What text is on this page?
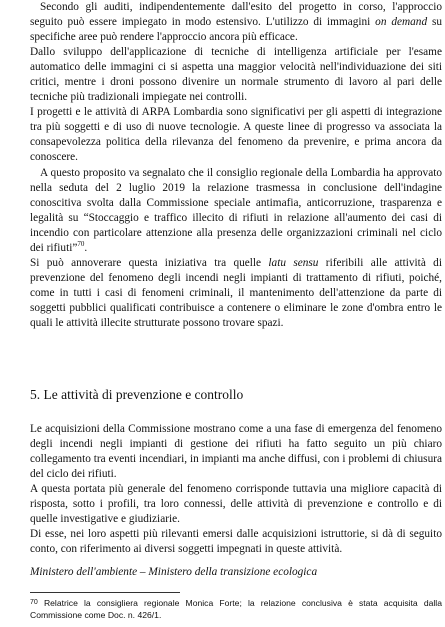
Secondo gli auditi, indipendentemente dall'esito del progetto in corso, l'approccio seguito può essere impiegato in modo estensivo. L'utilizzo di immagini on demand su specifiche aree può rendere l'approccio ancora più efficace.

Dallo sviluppo dell'applicazione di tecniche di intelligenza artificiale per l'esame automatico delle immagini ci si aspetta una maggior velocità nell'individuazione dei siti critici, mentre i droni possono divenire un normale strumento di lavoro al pari delle tecniche più tradizionali impiegate nei controlli.

I progetti e le attività di ARPA Lombardia sono significativi per gli aspetti di integrazione tra più soggetti e di uso di nuove tecnologie. A queste linee di progresso va associata la consapevolezza politica della rilevanza del fenomeno da prevenire, e prima ancora da conoscere.

A questo proposito va segnalato che il consiglio regionale della Lombardia ha approvato nella seduta del 2 luglio 2019 la relazione trasmessa in conclusione dell'indagine conoscitiva svolta dalla Commissione speciale antimafia, anticorruzione, trasparenza e legalità su “Stoccaggio e traffico illecito di rifiuti in relazione all'aumento dei casi di incendio con particolare attenzione alla presenza delle organizzazioni criminali nel ciclo dei rifiuti”$^{70}$.

Si può annoverare questa iniziativa tra quelle latu sensu riferibili alle attività di prevenzione del fenomeno degli incendi negli impianti di trattamento di rifiuti, poiché, come in tutti i casi di fenomeni criminali, il mantenimento dell'attenzione da parte di soggetti pubblici qualificati contribuisce a contenere o eliminare le zone d'ombra entro le quali le attività illecite strutturate possono trovare spazi.

5. Le attività di prevenzione e controllo

Le acquisizioni della Commissione mostrano come a una fase di emergenza del fenomeno degli incendi negli impianti di gestione dei rifiuti ha fatto seguito un più chiaro collegamento tra eventi incendiari, in impianti ma anche diffusi, con i problemi di chiusura del ciclo dei rifiuti.

A questa portata più generale del fenomeno corrisponde tuttavia una migliore capacità di risposta, sotto i profili, tra loro connessi, delle attività di prevenzione e controllo e di quelle investigative e giudiziarie.

Di esse, nei loro aspetti più rilevanti emersi dalle acquisizioni istruttorie, si dà di seguito conto, con riferimento ai diversi soggetti impegnati in queste attività.

Ministero dell'ambiente – Ministero della transizione ecologica
$^{70}$ Relatrice la consigliera regionale Monica Forte; la relazione conclusiva è stata acquisita dalla Commissione come Doc. n. 426/1.
